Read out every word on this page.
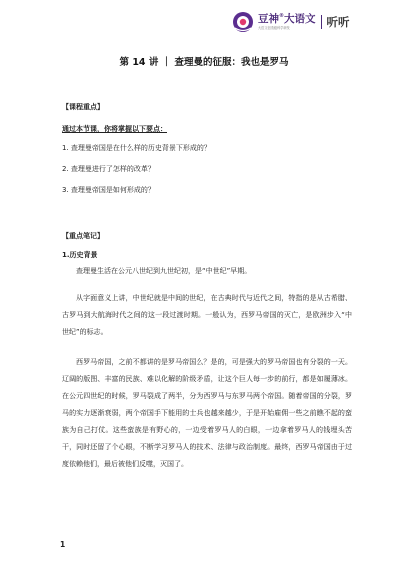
豆神®大语文
大语文创造级科学研发	听听
第 14 讲 ｜ 查理曼的征服：我也是罗马
【课程重点】
通过本节课，你将掌握以下要点：
1. 查理曼帝国是在什么样的历史背景下形成的？
2. 查理曼进行了怎样的改革？
3. 查理曼帝国是如何形成的？
【重点笔记】
1.历史背景

查理曼生活在公元八世纪到九世纪初，是“中世纪”早期。

从字面意义上讲，中世纪就是中间的世纪，在古典时代与近代之间，特指的是从古希腊、古罗马到大航海时代之间的这一段过渡时期。一般认为，西罗马帝国的灭亡，是欧洲步入“中世纪”的标志。

西罗马帝国，之前不都讲的是罗马帝国么？是的，可是强大的罗马帝国也有分裂的一天。辽阔的版图、丰富的民族、难以化解的阶级矛盾，让这个巨人每一步的前行，都是如履薄冰。在公元四世纪的时候，罗马裂成了两半，分为西罗马与东罗马两个帝国。随着帝国的分裂，罗马的实力逐渐衰弱，两个帝国手下能用的士兵也越来越少，于是开始雇佣一些之前瞧不起的蛮族为自己打仗。这些蛮族是有野心的，一边受着罗马人的白眼，一边拿着罗马人的钱埋头苦干，同时还留了个心眼，不断学习罗马人的技术、法律与政治制度。最终，西罗马帝国由于过度依赖他们，最后被他们反噬，灭国了。

1
